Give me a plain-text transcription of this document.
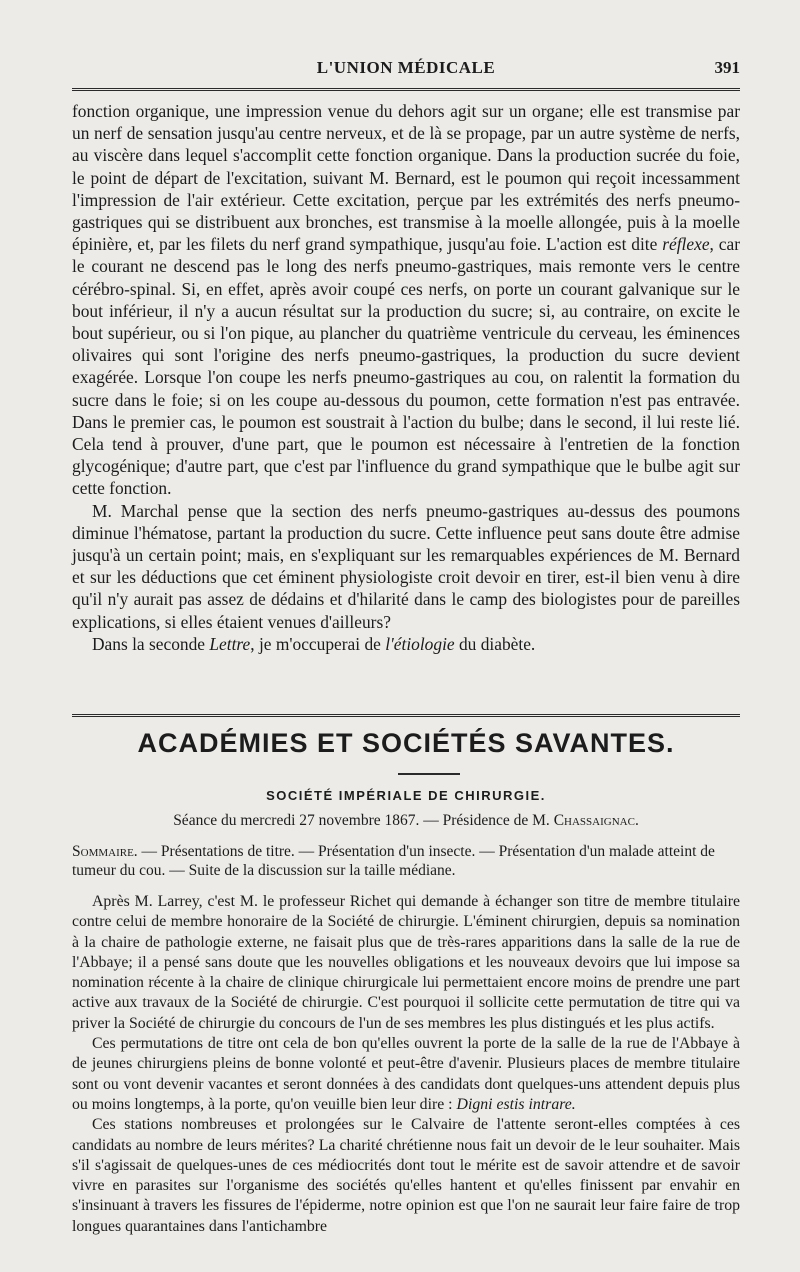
L'UNION MÉDICALE	391

fonction organique, une impression venue du dehors agit sur un organe; elle est transmise par un nerf de sensation jusqu'au centre nerveux, et de là se propage, par un autre système de nerfs, au viscère dans lequel s'accomplit cette fonction organique. Dans la production sucrée du foie, le point de départ de l'excitation, suivant M. Bernard, est le poumon qui reçoit incessamment l'impression de l'air extérieur. Cette excitation, perçue par les extrémités des nerfs pneumo-gastriques qui se distribuent aux bronches, est transmise à la moelle allongée, puis à la moelle épinière, et, par les filets du nerf grand sympathique, jusqu'au foie. L'action est dite réflexe, car le courant ne descend pas le long des nerfs pneumo-gastriques, mais remonte vers le centre cérébro-spinal. Si, en effet, après avoir coupé ces nerfs, on porte un courant galvanique sur le bout inférieur, il n'y a aucun résultat sur la production du sucre; si, au contraire, on excite le bout supérieur, ou si l'on pique, au plancher du quatrième ventricule du cerveau, les éminences olivaires qui sont l'origine des nerfs pneumo-gastriques, la production du sucre devient exagérée. Lorsque l'on coupe les nerfs pneumo-gastriques au cou, on ralentit la formation du sucre dans le foie; si on les coupe au-dessous du poumon, cette formation n'est pas entravée. Dans le premier cas, le poumon est soustrait à l'action du bulbe; dans le second, il lui reste lié. Cela tend à prouver, d'une part, que le poumon est nécessaire à l'entretien de la fonction glycogénique; d'autre part, que c'est par l'influence du grand sympathique que le bulbe agit sur cette fonction.

M. Marchal pense que la section des nerfs pneumo-gastriques au-dessus des poumons diminue l'hématose, partant la production du sucre. Cette influence peut sans doute être admise jusqu'à un certain point; mais, en s'expliquant sur les remarquables expériences de M. Bernard et sur les déductions que cet éminent physiologiste croit devoir en tirer, est-il bien venu à dire qu'il n'y aurait pas assez de dédains et d'hilarité dans le camp des biologistes pour de pareilles explications, si elles étaient venues d'ailleurs?

Dans la seconde Lettre, je m'occuperai de l'étiologie du diabète.

ACADÉMIES ET SOCIÉTÉS SAVANTES.
SOCIÉTÉ IMPÉRIALE DE CHIRURGIE.
Séance du mercredi 27 novembre 1867. — Présidence de M. Chassaignac.
Sommaire. — Présentations de titre. — Présentation d'un insecte. — Présentation d'un malade atteint de tumeur du cou. — Suite de la discussion sur la taille médiane.

Après M. Larrey, c'est M. le professeur Richet qui demande à échanger son titre de membre titulaire contre celui de membre honoraire de la Société de chirurgie. L'éminent chirurgien, depuis sa nomination à la chaire de pathologie externe, ne faisait plus que de très-rares apparitions dans la salle de la rue de l'Abbaye; il a pensé sans doute que les nouvelles obligations et les nouveaux devoirs que lui impose sa nomination récente à la chaire de clinique chirurgicale lui permettaient encore moins de prendre une part active aux travaux de la Société de chirurgie. C'est pourquoi il sollicite cette permutation de titre qui va priver la Société de chirurgie du concours de l'un de ses membres les plus distingués et les plus actifs.

Ces permutations de titre ont cela de bon qu'elles ouvrent la porte de la salle de la rue de l'Abbaye à de jeunes chirurgiens pleins de bonne volonté et peut-être d'avenir. Plusieurs places de membre titulaire sont ou vont devenir vacantes et seront données à des candidats dont quelques-uns attendent depuis plus ou moins longtemps, à la porte, qu'on veuille bien leur dire : Digni estis intrare.

Ces stations nombreuses et prolongées sur le Calvaire de l'attente seront-elles comptées à ces candidats au nombre de leurs mérites? La charité chrétienne nous fait un devoir de le leur souhaiter. Mais s'il s'agissait de quelques-unes de ces médiocrités dont tout le mérite est de savoir attendre et de savoir vivre en parasites sur l'organisme des sociétés qu'elles hantent et qu'elles finissent par envahir en s'insinuant à travers les fissures de l'épiderme, notre opinion est que l'on ne saurait leur faire faire de trop longues quarantaines dans l'antichambre
